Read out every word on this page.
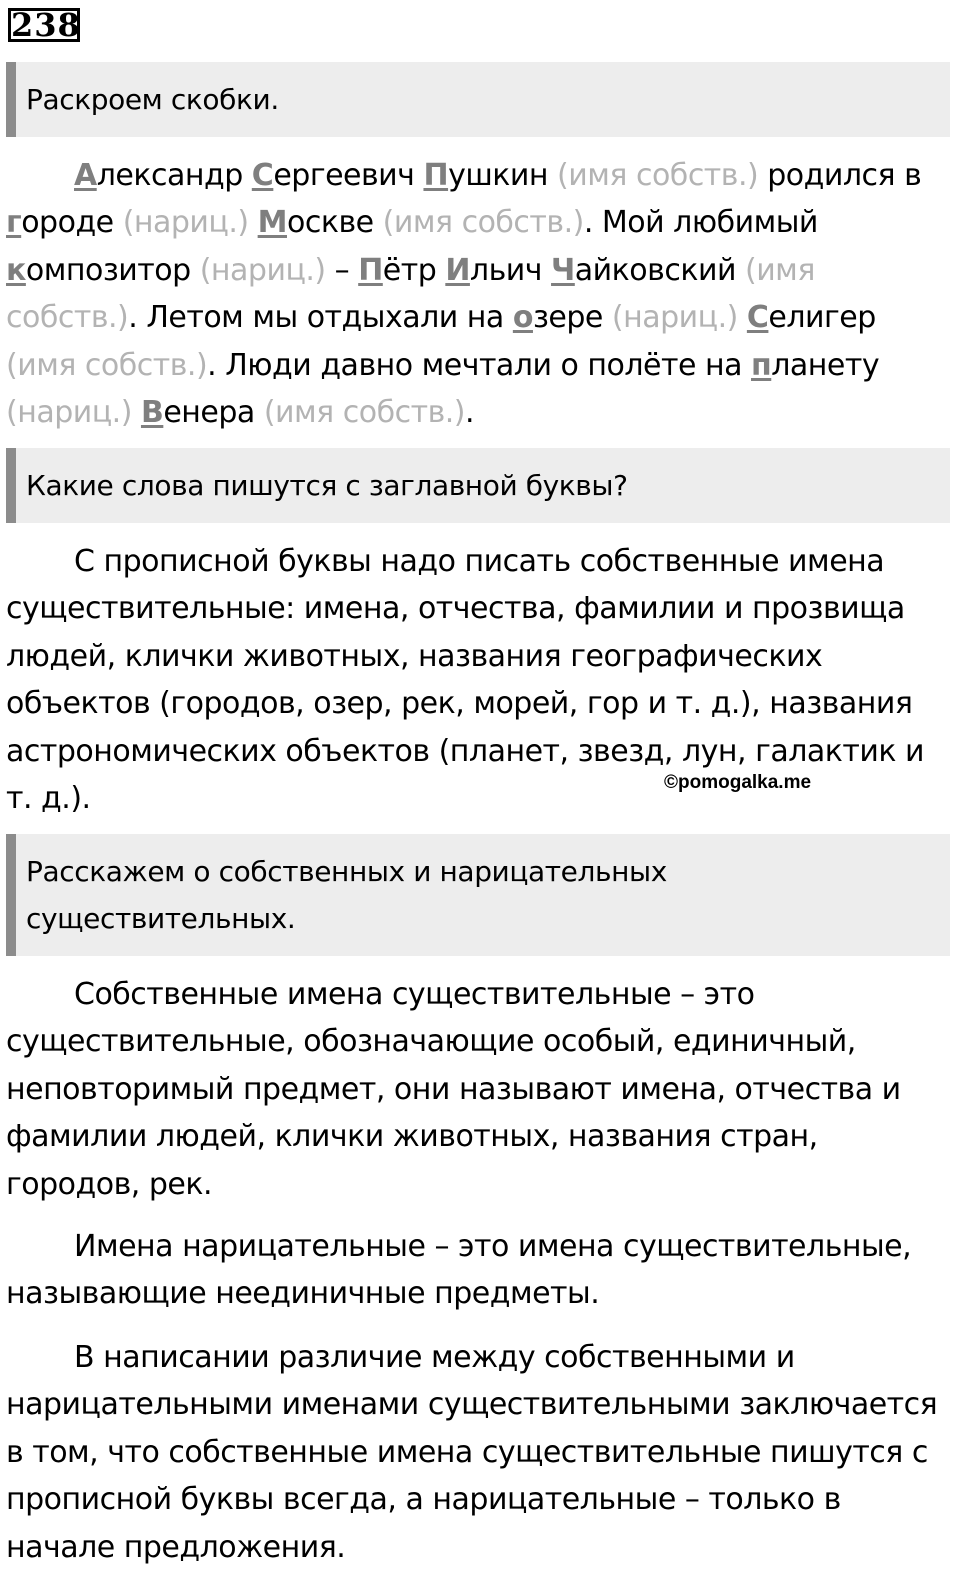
238
Раскроем скобки.

Александр Сергеевич Пушкин (имя собств.) родился в городе (нариц.) Москве (имя собств.). Мой любимый композитор (нариц.) – Пётр Ильич Чайковский (имя собств.). Летом мы отдыхали на озере (нариц.) Селигер (имя собств.). Люди давно мечтали о полёте на планету (нариц.) Венера (имя собств.).

Какие слова пишутся с заглавной буквы?

С прописной буквы надо писать собственные имена существительные: имена, отчества, фамилии и прозвища людей, клички животных, названия географических объектов (городов, озер, рек, морей, гор и т. д.), названия астрономических объектов (планет, звезд, лун, галактик и т. д.).	©pomogalka.me
Расскажем о собственных и нарицательных
существительных.

Собственные имена существительные – это существительные, обозначающие особый, единичный, неповторимый предмет, они называют имена, отчества и фамилии людей, клички животных, названия стран, городов, рек.

Имена нарицательные – это имена существительные, называющие неединичные предметы.

В написании различие между собственными и нарицательными именами существительными заключается в том, что собственные имена существительные пишутся с прописной буквы всегда, а нарицательные – только в начале предложения.
